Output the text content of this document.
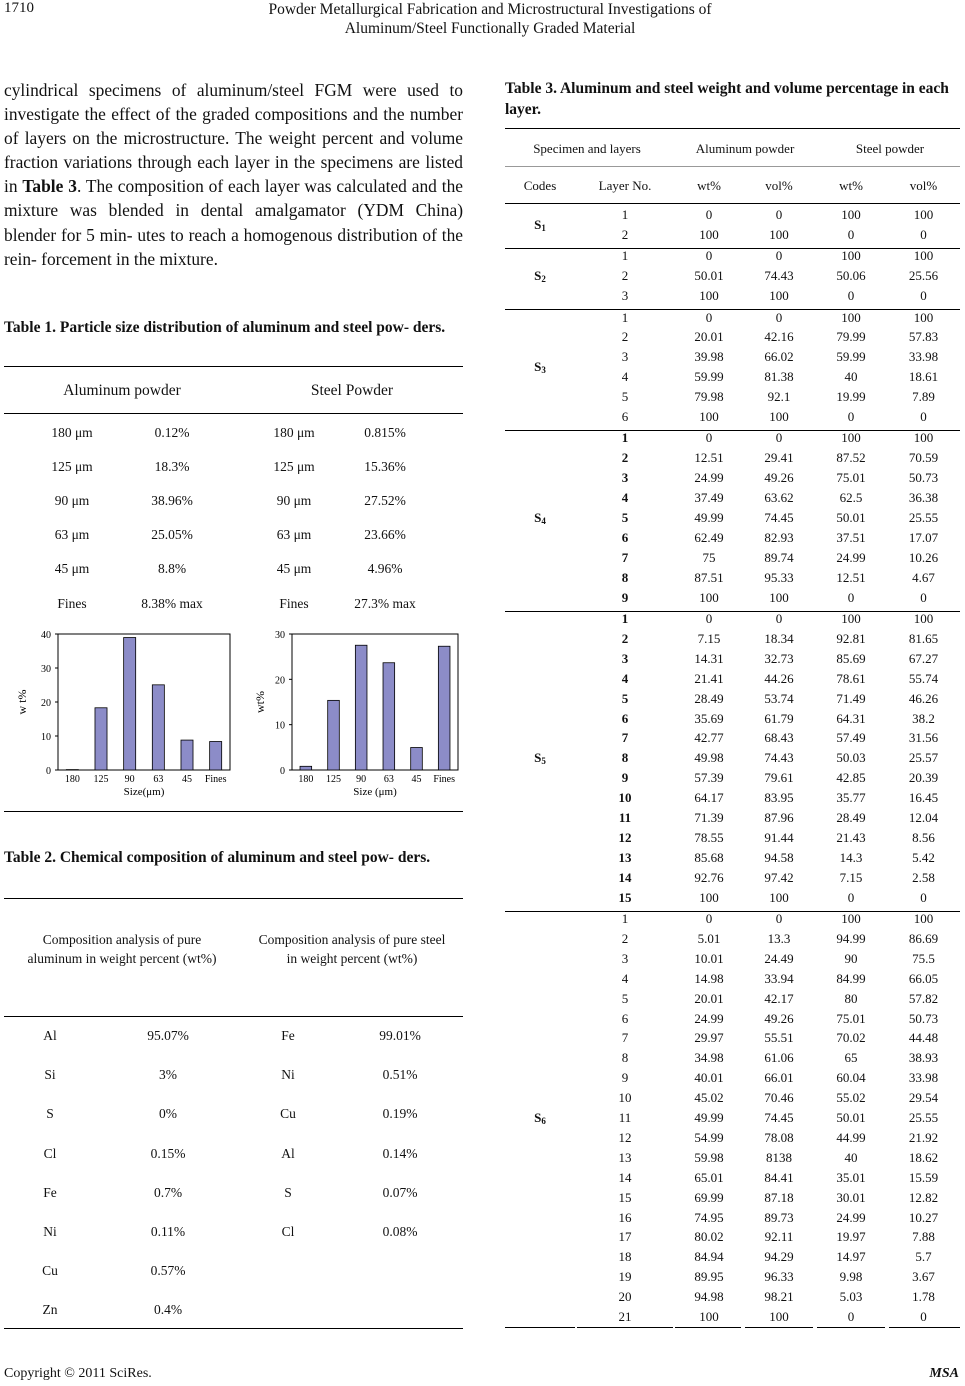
1710	Powder Metallurgical Fabrication and Microstructural Investigations of
Aluminum/Steel Functionally Graded Material
cylindrical specimens of aluminum/steel FGM were used to investigate the effect of the graded compositions and the number of layers on the microstructure. The weight percent and volume fraction variations through each layer in the specimens are listed in Table 3. The composition of each layer was calculated and the mixture was blended in dental amalgamator (YDM China) blender for 5 min- utes to reach a homogenous distribution of the rein- forcement in the mixture.
Table 1. Particle size distribution of aluminum and steel pow- ders.
Aluminum powder	Steel Powder
180 μm	0.12%	180 μm	0.815%
125 μm	18.3%	125 μm	15.36%
90 μm	38.96%	90 μm	27.52%
63 μm	25.05%	63 μm	23.66%
45 μm	8.8%	45 μm	4.96%
Fines	8.38% max	Fines	27.3% max
0
10
20
30
40
180 125 90 63 45 Fines
Size(μm)
w t%
0
10
20
30
180 125 90 63 45 Fines
Size (μm)
wt%
Table 2. Chemical composition of aluminum and steel pow- ders.
Composition analysis of pure aluminum in weight percent (wt%)
Composition analysis of pure steel in weight percent (wt%)
Al	95.07%	Fe	99.01%
Si	3%	Ni	0.51%
S	0%	Cu	0.19%
Cl	0.15%	Al	0.14%
Fe	0.7%	S	0.07%
Ni	0.11%	Cl	0.08%
Cu	0.57%
Zn	0.4%
Table 3. Aluminum and steel weight and volume percentage in each layer.
Specimen and layers	Aluminum powder	Steel powder
Codes	Layer No.	wt%	vol%	wt%	vol%
$S_1$
1	0	0	100	100
2	100	100	0	0
$S_2$
1	0	0	100	100
2	50.01	74.43	50.06	25.56
3	100	100	0	0
$S_3$
1	0	0	100	100
2	20.01	42.16	79.99	57.83
3	39.98	66.02	59.99	33.98
4	59.99	81.38	40	18.61
5	79.98	92.1	19.99	7.89
6	100	100	0	0
$S_4$
1	0	0	100	100
2	12.51	29.41	87.52	70.59
3	24.99	49.26	75.01	50.73
4	37.49	63.62	62.5	36.38
5	49.99	74.45	50.01	25.55
6	62.49	82.93	37.51	17.07
7	75	89.74	24.99	10.26
8	87.51	95.33	12.51	4.67
9	100	100	0	0
$S_5$
1	0	0	100	100
2	7.15	18.34	92.81	81.65
3	14.31	32.73	85.69	67.27
4	21.41	44.26	78.61	55.74
5	28.49	53.74	71.49	46.26
6	35.69	61.79	64.31	38.2
7	42.77	68.43	57.49	31.56
8	49.98	74.43	50.03	25.57
9	57.39	79.61	42.85	20.39
10	64.17	83.95	35.77	16.45
11	71.39	87.96	28.49	12.04
12	78.55	91.44	21.43	8.56
13	85.68	94.58	14.3	5.42
14	92.76	97.42	7.15	2.58
15	100	100	0	0
$S_6$
1	0	0	100	100
2	5.01	13.3	94.99	86.69
3	10.01	24.49	90	75.5
4	14.98	33.94	84.99	66.05
5	20.01	42.17	80	57.82
6	24.99	49.26	75.01	50.73
7	29.97	55.51	70.02	44.48
8	34.98	61.06	65	38.93
9	40.01	66.01	60.04	33.98
10	45.02	70.46	55.02	29.54
11	49.99	74.45	50.01	25.55
12	54.99	78.08	44.99	21.92
13	59.98	8138	40	18.62
14	65.01	84.41	35.01	15.59
15	69.99	87.18	30.01	12.82
16	74.95	89.73	24.99	10.27
17	80.02	92.11	19.97	7.88
18	84.94	94.29	14.97	5.7
19	89.95	96.33	9.98	3.67
20	94.98	98.21	5.03	1.78
21	100	100	0	0
Copyright © 2011 SciRes.	MSA
